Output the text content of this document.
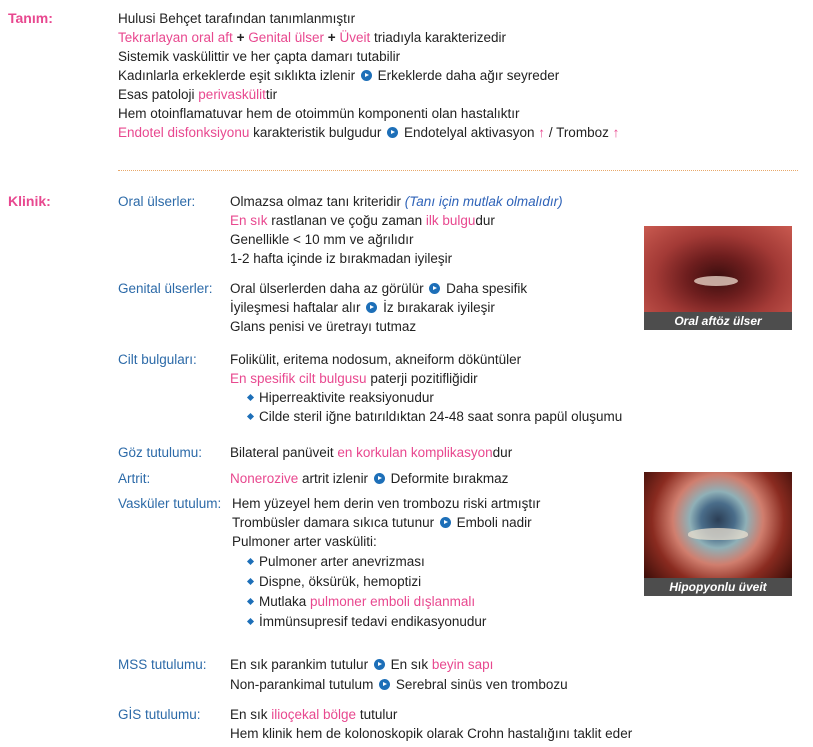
Tanım:	Hulusi Behçet tarafından tanımlanmıştır
Tekrarlayan oral aft + Genital ülser + Üveit triadıyla karakterizedir
Sistemik vaskülittir ve her çapta damarı tutabilir
Kadınlarla erkeklerde eşit sıklıkta izlenir Erkeklerde daha ağır seyreder
Esas patoloji perivaskülittir
Hem otoinflamatuvar hem de otoimmün komponenti olan hastalıktır
Endotel disfonksiyonu karakteristik bulgudur Endotelyal aktivasyon ↑ / Tromboz ↑
Klinik:	Oral ülserler:	Olmazsa olmaz tanı kriteridir (Tanı için mutlak olmalıdır)
En sık rastlanan ve çoğu zaman ilk bulgudur
Genellikle < 10 mm ve ağrılıdır
1-2 hafta içinde iz bırakmadan iyileşir
Genital ülserler: Oral ülserlerden daha az görülür Daha spesifik
İyileşmesi haftalar alır İz bırakarak iyileşir
Glans penisi ve üretrayı tutmaz
Cilt bulguları: Folikülit, eritema nodosum, akneiform döküntüler
En spesifik cilt bulgusu paterji pozitifliğidir
Hiperreaktivite reaksiyonudur
Cilde steril iğne batırıldıktan 24-48 saat sonra papül oluşumu
Göz tutulumu: Bilateral panüveit en korkulan komplikasyondur
Artrit:	Nonerozive artrit izlenir Deformite bırakmaz
Vasküler tutulum: Hem yüzeyel hem derin ven trombozu riski artmıştır
Trombüsler damara sıkıca tutunur Emboli nadir
Pulmoner arter vasküliti:
Pulmoner arter anevrizması
Dispne, öksürük, hemoptizi
Mutlaka pulmoner emboli dışlanmalı
İmmünsupresif tedavi endikasyonudur
MSS tutulumu: En sık parankim tutulur En sık beyin sapı
Non-parankimal tutulum Serebral sinüs ven trombozu
GİS tutulumu: En sık ilioçekal bölge tutulur
Hem klinik hem de kolonoskopik olarak Crohn hastalığını taklit eder
Oral aftöz ülser
Hipopyonlu üveit
